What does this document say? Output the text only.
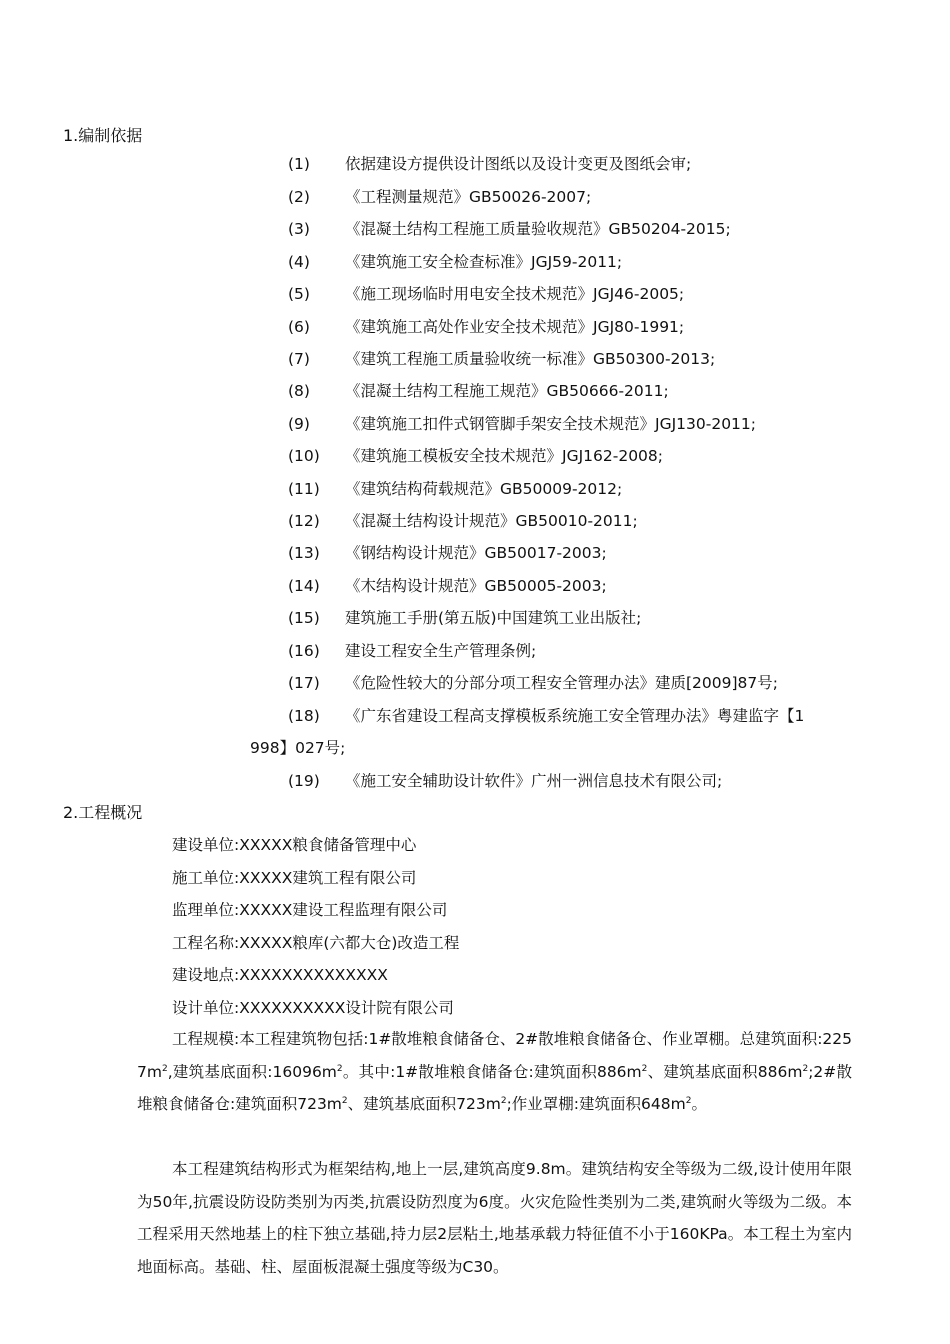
1.编制依据
(1) 依据建设方提供设计图纸以及设计变更及图纸会审;
(2) 《工程测量规范》GB50026-2007;
(3) 《混凝土结构工程施工质量验收规范》GB50204-2015;
(4) 《建筑施工安全检查标准》JGJ59-2011;
(5) 《施工现场临时用电安全技术规范》JGJ46-2005;
(6) 《建筑施工高处作业安全技术规范》JGJ80-1991;
(7) 《建筑工程施工质量验收统一标准》GB50300-2013;
(8) 《混凝土结构工程施工规范》GB50666-2011;
(9) 《建筑施工扣件式钢管脚手架安全技术规范》JGJ130-2011;
(10) 《建筑施工模板安全技术规范》JGJ162-2008;
(11) 《建筑结构荷载规范》GB50009-2012;
(12) 《混凝土结构设计规范》GB50010-2011;
(13) 《钢结构设计规范》GB50017-2003;
(14) 《木结构设计规范》GB50005-2003;
(15) 建筑施工手册(第五版)中国建筑工业出版社;
(16) 建设工程安全生产管理条例;
(17) 《危险性较大的分部分项工程安全管理办法》建质[2009]87号;
(18) 《广东省建设工程高支撑模板系统施工安全管理办法》粤建监字【1
998】027号;
(19) 《施工安全辅助设计软件》广州一洲信息技术有限公司;
2.工程概况
建设单位:XXXXX粮食储备管理中心
施工单位:XXXXX建筑工程有限公司
监理单位:XXXXX建设工程监理有限公司
工程名称:XXXXX粮库(六都大仓)改造工程
建设地点:XXXXXXXXXXXXXX
设计单位:XXXXXXXXXX设计院有限公司

工程规模:本工程建筑物包括:1#散堆粮食储备仓、2#散堆粮食储备仓、作业罩棚。总建筑面积$:2257m^2$,建筑基底面积$:16096m^2$。其中:1#散堆粮食储备仓:建筑面积$886m^2$、建筑基底面积$886m^2;2\#$散堆粮食储备仓:建筑面积$723m^2$、建筑基底面积$723m^2$;作业罩棚:建筑面积$648m^2$。

本工程建筑结构形式为框架结构,地上一层,建筑高度9.8m。建筑结构安全等级为二级,设计使用年限为50年,抗震设防设防类别为丙类,抗震设防烈度为6度。火灾危险性类别为二类,建筑耐火等级为二级。本工程采用天然地基上的柱下独立基础,持力层2层粘土,地基承载力特征值不小于160KPa。本工程土为室内地面标高。基础、柱、屋面板混凝土强度等级为C30。
